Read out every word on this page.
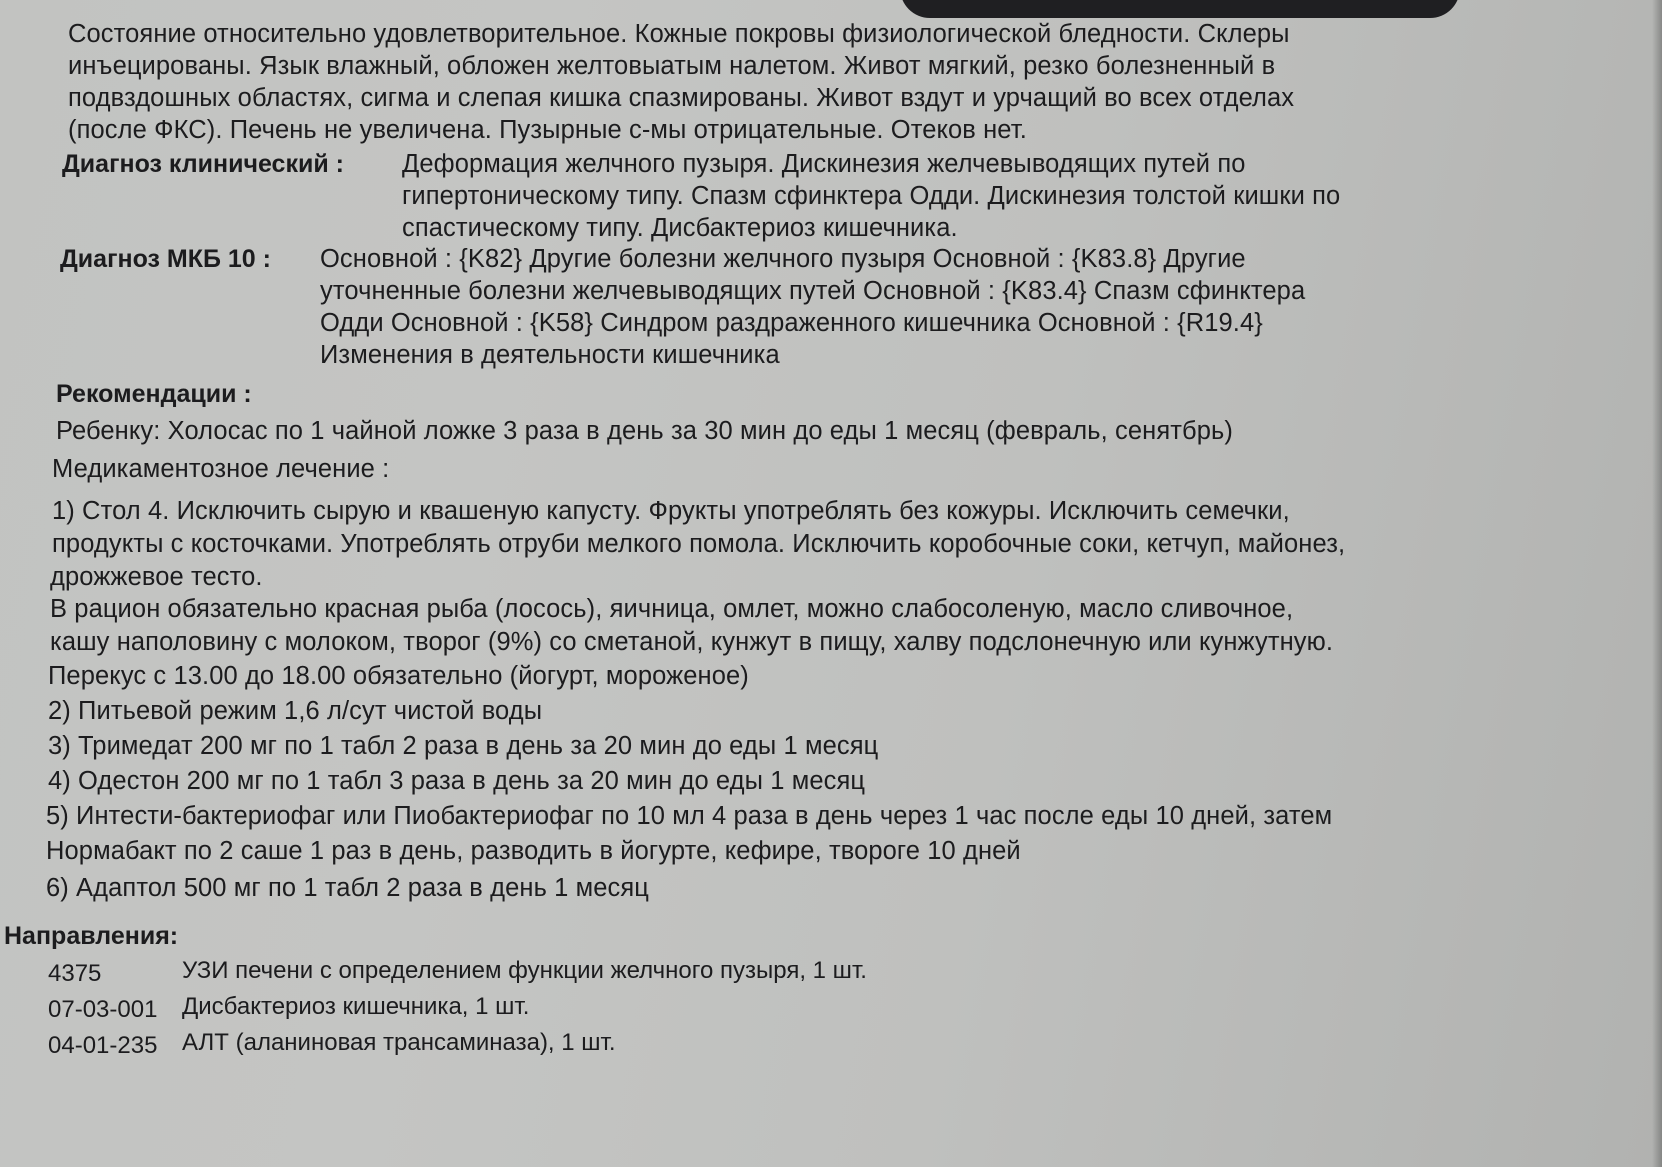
Состояние относительно удовлетворительное. Кожные покровы физиологической бледности. Склеры
инъецированы. Язык влажный, обложен желтовыатым налетом. Живот мягкий, резко болезненный в
подвздошных областях, сигма и слепая кишка спазмированы. Живот вздут и урчащий во всех отделах
(после ФКС). Печень не увеличена. Пузырные с-мы отрицательные. Отеков нет.
Диагноз клинический : Деформация желчного пузыря. Дискинезия желчевыводящих путей по
гипертоническому типу. Спазм сфинктера Одди. Дискинезия толстой кишки по
спастическому типу. Дисбактериоз кишечника.
Диагноз МКБ 10 : Основной : {K82} Другие болезни желчного пузыря Основной : {K83.8} Другие
уточненные болезни желчевыводящих путей Основной : {K83.4} Спазм сфинктера
Одди Основной : {K58} Синдром раздраженного кишечника Основной : {R19.4}
Изменения в деятельности кишечника
Рекомендации :
Ребенку: Холосас по 1 чайной ложке 3 раза в день за 30 мин до еды 1 месяц (февраль, сенятбрь)
Медикаментозное лечение :
1) Стол 4. Исключить сырую и квашеную капусту. Фрукты употреблять без кожуры. Исключить семечки,
продукты с косточками. Употреблять отруби мелкого помола. Исключить коробочные соки, кетчуп, майонез,
дрожжевое тесто.
В рацион обязательно красная рыба (лосось), яичница, омлет, можно слабосоленую, масло сливочное,
кашу наполовину с молоком, творог (9%) со сметаной, кунжут в пищу, халву подслонечную или кунжутную.
Перекус с 13.00 до 18.00 обязательно (йогурт, мороженое)
2) Питьевой режим 1,6 л/сут чистой воды
3) Тримедат 200 мг по 1 табл 2 раза в день за 20 мин до еды 1 месяц
4) Одестон 200 мг по 1 табл 3 раза в день за 20 мин до еды 1 месяц
5) Интести-бактериофаг или Пиобактериофаг по 10 мл 4 раза в день через 1 час после еды 10 дней, затем
Нормабакт по 2 саше 1 раз в день, разводить в йогурте, кефире, твороге 10 дней
6) Адаптол 500 мг по 1 табл 2 раза в день 1 месяц
Направления:
4375	УЗИ печени с определением функции желчного пузыря, 1 шт.
07-03-001 Дисбактериоз кишечника, 1 шт.
04-01-235 АЛТ (аланиновая трансаминаза), 1 шт.
